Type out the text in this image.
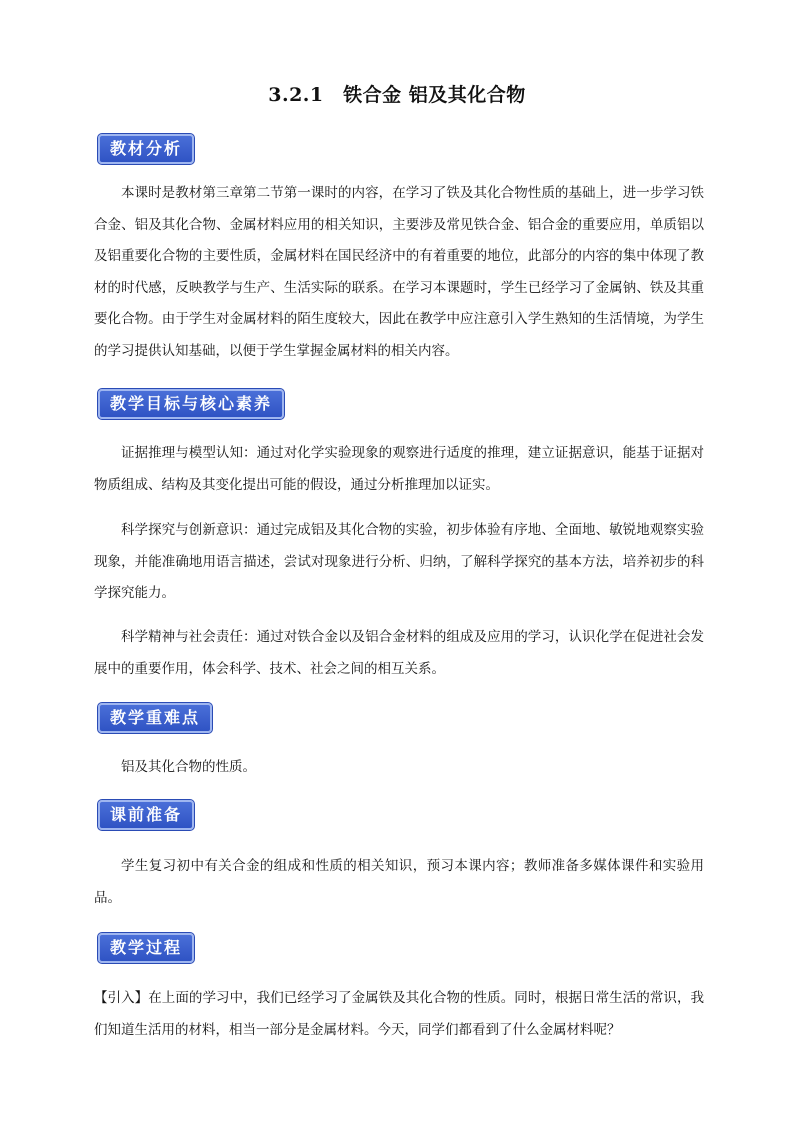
3.2.1　铁合金 铝及其化合物
教材分析
本课时是教材第三章第二节第一课时的内容，在学习了铁及其化合物性质的基础上，进一步学习铁合金、铝及其化合物、金属材料应用的相关知识，主要涉及常见铁合金、铝合金的重要应用，单质铝以及铝重要化合物的主要性质，金属材料在国民经济中的有着重要的地位，此部分的内容的集中体现了教材的时代感，反映教学与生产、生活实际的联系。在学习本课题时，学生已经学习了金属钠、铁及其重要化合物。由于学生对金属材料的陌生度较大，因此在教学中应注意引入学生熟知的生活情境，为学生的学习提供认知基础，以便于学生掌握金属材料的相关内容。
教学目标与核心素养
证据推理与模型认知：通过对化学实验现象的观察进行适度的推理，建立证据意识，能基于证据对物质组成、结构及其变化提出可能的假设，通过分析推理加以证实。
科学探究与创新意识：通过完成铝及其化合物的实验，初步体验有序地、全面地、敏锐地观察实验现象，并能准确地用语言描述，尝试对现象进行分析、归纳，了解科学探究的基本方法，培养初步的科学探究能力。
科学精神与社会责任：通过对铁合金以及铝合金材料的组成及应用的学习，认识化学在促进社会发展中的重要作用，体会科学、技术、社会之间的相互关系。
教学重难点
铝及其化合物的性质。
课前准备
学生复习初中有关合金的组成和性质的相关知识，预习本课内容；教师准备多媒体课件和实验用品。
教学过程
【引入】在上面的学习中，我们已经学习了金属铁及其化合物的性质。同时，根据日常生活的常识，我们知道生活用的材料，相当一部分是金属材料。今天，同学们都看到了什么金属材料呢？
